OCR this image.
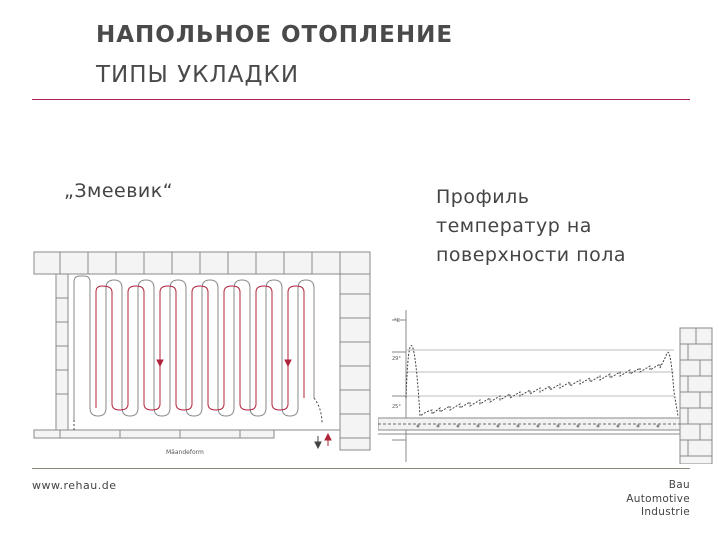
НАПОЛЬНОЕ ОТОПЛЕНИЕ
ТИПЫ УКЛАДКИ
„Змеевик“	Профиль
температур на
поверхности пола
Мäandeform
°C
29°
25°
www.rehau.de	Bau
Automotive
Industrie
